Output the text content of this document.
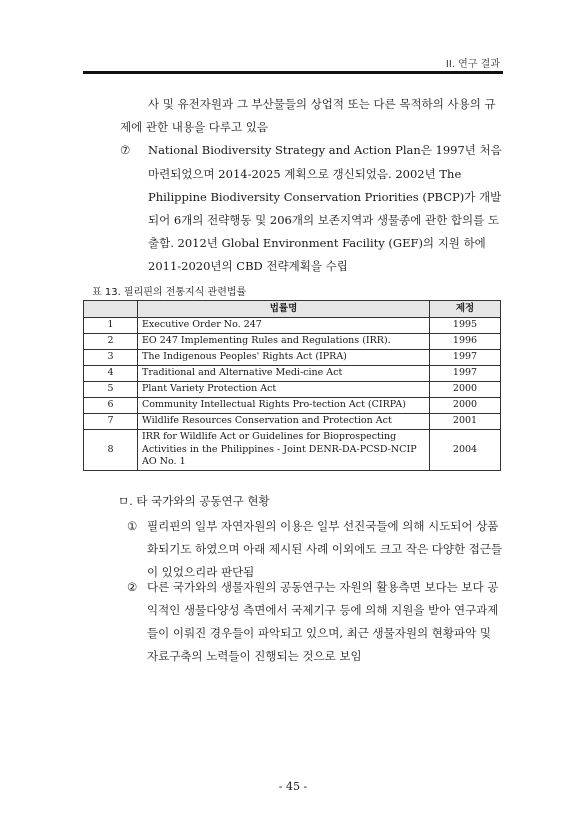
II. 연구 결과
사 및 유전자원과 그 부산물들의 상업적 또는 다른 목적하의 사용의 규제에 관한 내용을 다루고 있음
⑦	National Biodiversity Strategy and Action Plan은 1997년 처음 마련되었으며 2014-2025 계획으로 갱신되었음. 2002년 The Philippine Biodiversity Conservation Priorities (PBCP)가 개발되어 6개의 전략행동 및 206개의 보존지역과 생물종에 관한 합의를 도출함. 2012년 Global Environment Facility (GEF)의 지원 하에 2011-2020년의 CBD 전략계획을 수립
표 13. 필리핀의 전통지식 관련법률
	법률명	제정
1	Executive Order No. 247	1995
2	EO 247 Implementing Rules and Regulations (IRR).	1996
3	The Indigenous Peoples' Rights Act (IPRA)	1997
4	Traditional and Alternative Medi-cine Act	1997
5	Plant Variety Protection Act	2000
6	Community Intellectual Rights Pro-tection Act (CIRPA)	2000
7	Wildlife Resources Conservation and Protection Act	2001
8	IRR for Wildlife Act or Guidelines for Bioprospecting Activities in the Philippines - Joint DENR-DA-PCSD-NCIP AO No. 1	2004
ㅁ. 타 국가와의 공동연구 현황
① 필리핀의 일부 자연자원의 이용은 일부 선진국들에 의해 시도되어 상품화되기도 하였으며 아래 제시된 사례 이외에도 크고 작은 다양한 접근들이 있었으리라 판단됨
② 다른 국가와의 생물자원의 공동연구는 자원의 활용측면 보다는 보다 공익적인 생물다양성 측면에서 국제기구 등에 의해 지원을 받아 연구과제들이 이뤄진 경우들이 파악되고 있으며, 최근 생물자원의 현황파악 및 자료구축의 노력들이 진행되는 것으로 보임
- 45 -
